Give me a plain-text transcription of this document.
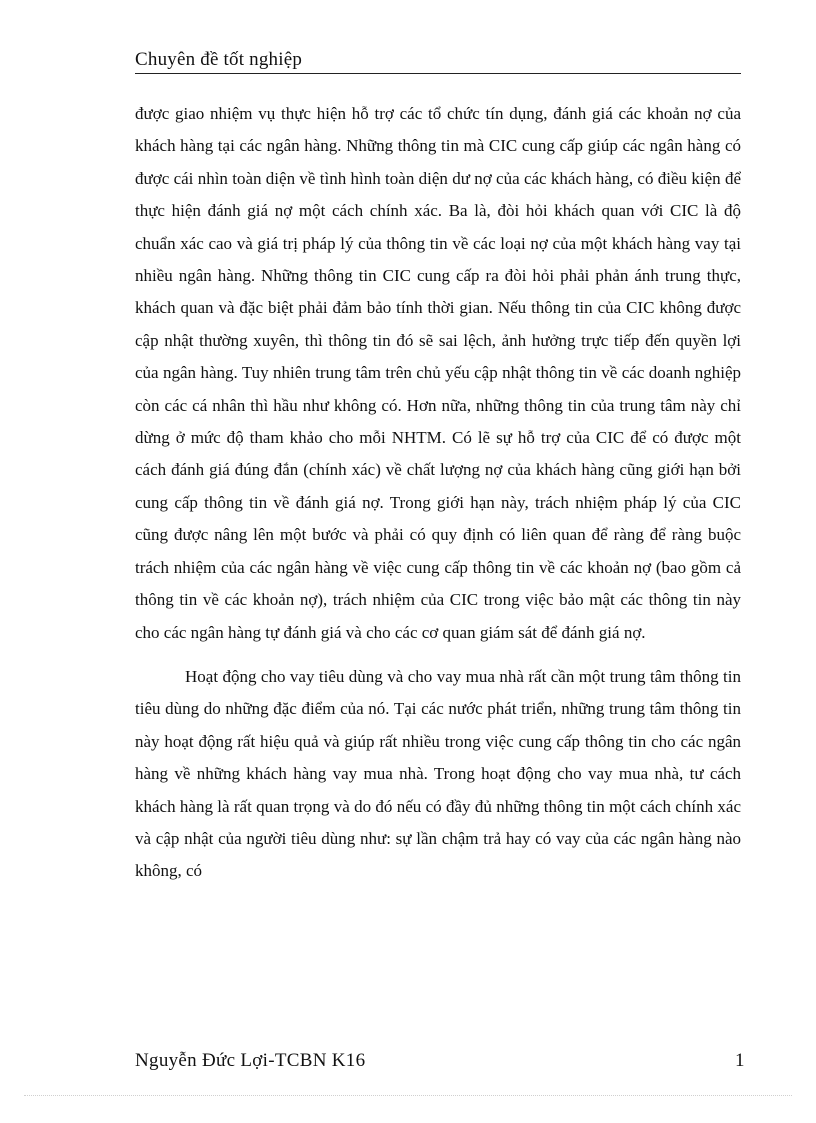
Chuyên đề tốt nghiệp

được giao nhiệm vụ thực hiện hỗ trợ các tổ chức tín dụng, đánh giá các khoản nợ của khách hàng tại các ngân hàng. Những thông tin mà CIC cung cấp giúp các ngân hàng có được cái nhìn toàn diện về tình hình toàn diện dư nợ của các khách hàng, có điều kiện để thực hiện đánh giá nợ một cách chính xác. Ba là, đòi hỏi khách quan với CIC là độ chuẩn xác cao và giá trị pháp lý của thông tin về các loại nợ của một khách hàng vay tại nhiều ngân hàng. Những thông tin CIC cung cấp ra đòi hỏi phải phản ánh trung thực, khách quan và đặc biệt phải đảm bảo tính thời gian. Nếu thông tin của CIC không được cập nhật thường xuyên, thì thông tin đó sẽ sai lệch, ảnh hưởng trực tiếp đến quyền lợi của ngân hàng. Tuy nhiên trung tâm trên chủ yếu cập nhật thông tin về các doanh nghiệp còn các cá nhân thì hầu như không có. Hơn nữa, những thông tin của trung tâm này chỉ dừng ở mức độ tham khảo cho mỗi NHTM. Có lẽ sự hỗ trợ của CIC để có được một cách đánh giá đúng đắn (chính xác) về chất lượng nợ của khách hàng cũng giới hạn bởi cung cấp thông tin về đánh giá nợ. Trong giới hạn này, trách nhiệm pháp lý của CIC cũng được nâng lên một bước và phải có quy định có liên quan để ràng để ràng buộc trách nhiệm của các ngân hàng về việc cung cấp thông tin về các khoản nợ (bao gồm cả thông tin về các khoản nợ), trách nhiệm của CIC trong việc bảo mật các thông tin này cho các ngân hàng tự đánh giá và cho các cơ quan giám sát để đánh giá nợ.

Hoạt động cho vay tiêu dùng và cho vay mua nhà rất cần một trung tâm thông tin tiêu dùng do những đặc điểm của nó. Tại các nước phát triển, những trung tâm thông tin này hoạt động rất hiệu quả và giúp rất nhiều trong việc cung cấp thông tin cho các ngân hàng về những khách hàng vay mua nhà. Trong hoạt động cho vay mua nhà, tư cách khách hàng là rất quan trọng và do đó nếu có đầy đủ những thông tin một cách chính xác và cập nhật của người tiêu dùng như: sự lần chậm trả hay có vay của các ngân hàng nào không, có

Nguyễn Đức Lợi-TCBN K16	1
